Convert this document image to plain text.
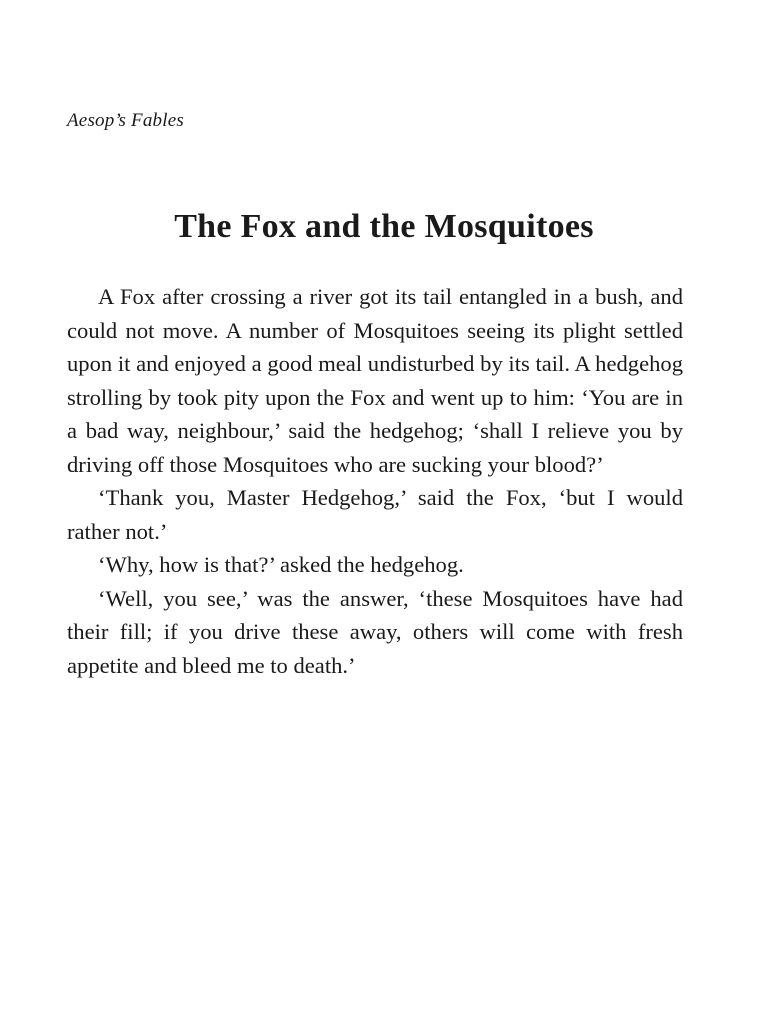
Aesop’s Fables
The Fox and the Mosquitoes

A Fox after crossing a river got its tail entangled in a bush, and could not move. A number of Mosquitoes seeing its plight settled upon it and enjoyed a good meal undisturbed by its tail. A hedgehog strolling by took pity upon the Fox and went up to him: ‘You are in a bad way, neighbour,’ said the hedgehog; ‘shall I relieve you by driving off those Mosquitoes who are sucking your blood?’

‘Thank you, Master Hedgehog,’ said the Fox, ‘but I would rather not.’

‘Why, how is that?’ asked the hedgehog.

‘Well, you see,’ was the answer, ‘these Mosquitoes have had their fill; if you drive these away, others will come with fresh appetite and bleed me to death.’
